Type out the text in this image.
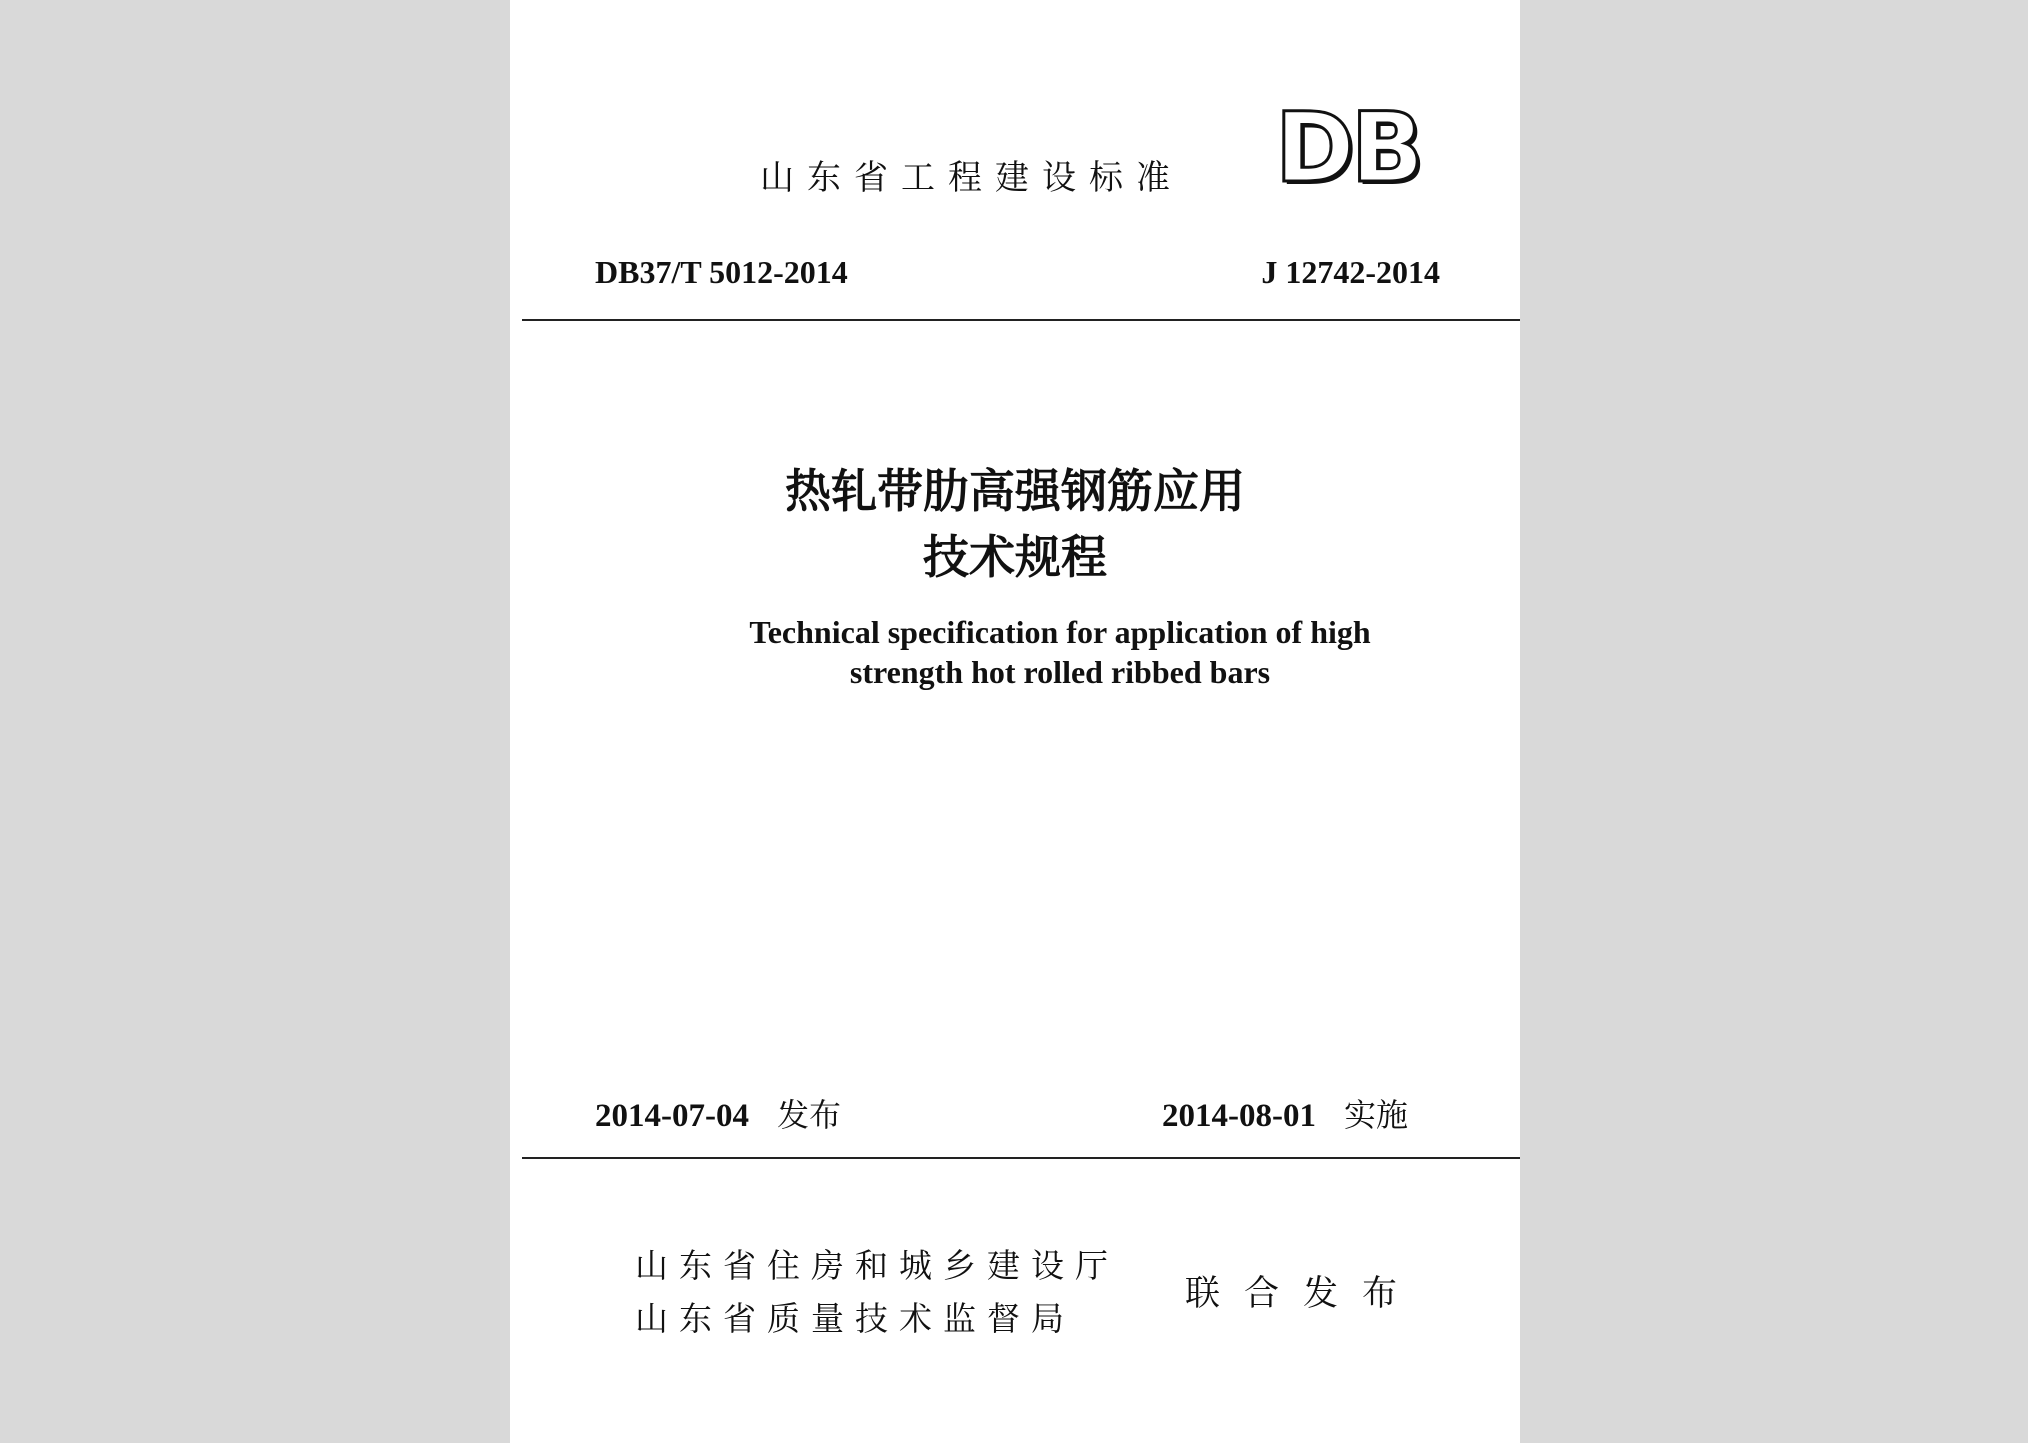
山东省工程建设标准 DB
DB37/T 5012-2014	J 12742-2014
热轧带肋高强钢筋应用
技术规程
Technical specification for application of high
strength hot rolled ribbed bars
2014-07-04 发布	2014-08-01 实施
山东省住房和城乡建设厅
山东省质量技术监督局
联合发布
